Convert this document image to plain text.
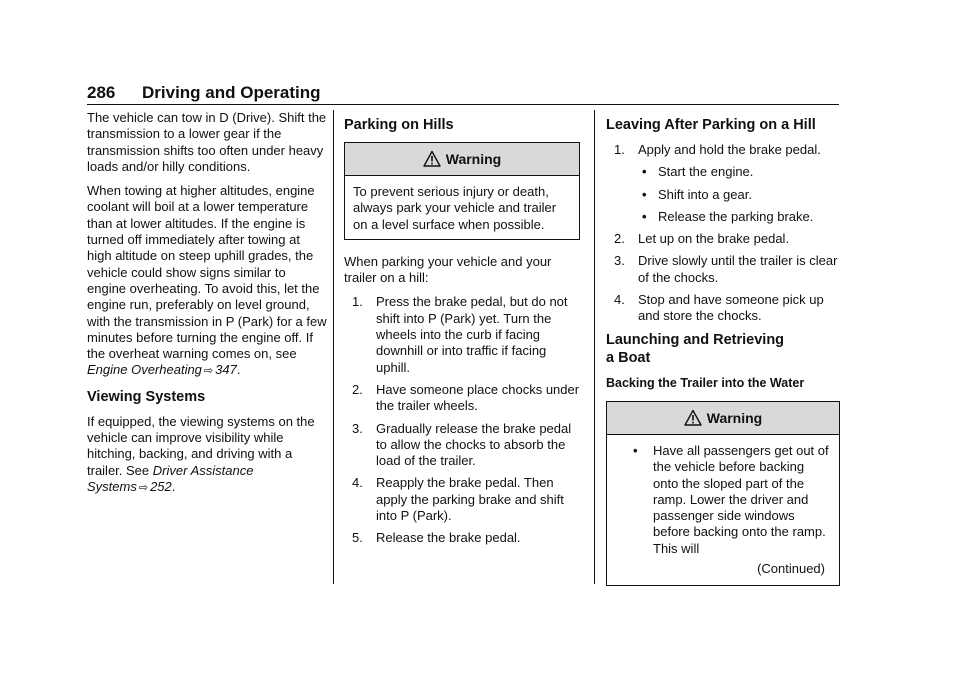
286 Driving and Operating

The vehicle can tow in D (Drive). Shift the transmission to a lower gear if the transmission shifts too often under heavy loads and/or hilly conditions.

When towing at higher altitudes, engine coolant will boil at a lower temperature than at lower altitudes. If the engine is turned off immediately after towing at high altitude on steep uphill grades, the vehicle could show signs similar to engine overheating. To avoid this, let the engine run, preferably on level ground, with the transmission in P (Park) for a few minutes before turning the engine off. If the overheat warning comes on, see Engine Overheating ⇨ 347.

Viewing Systems

If equipped, the viewing systems on the vehicle can improve visibility while hitching, backing, and driving with a trailer. See Driver Assistance Systems ⇨ 252.

Parking on Hills
Warning
To prevent serious injury or death, always park your vehicle and trailer on a level surface when possible.

When parking your vehicle and your trailer on a hill:

1. Press the brake pedal, but do not shift into P (Park) yet. Turn the wheels into the curb if facing downhill or into traffic if facing uphill.
2. Have someone place chocks under the trailer wheels.
3. Gradually release the brake pedal to allow the chocks to absorb the load of the trailer.
4. Reapply the brake pedal. Then apply the parking brake and shift into P (Park).
5. Release the brake pedal.
Leaving After Parking on a Hill
1. Apply and hold the brake pedal.
• Start the engine.
• Shift into a gear.
• Release the parking brake.
2. Let up on the brake pedal.
3. Drive slowly until the trailer is clear of the chocks.
4. Stop and have someone pick up and store the chocks.
Launching and Retrieving
a Boat
Backing the Trailer into the Water
Warning
• Have all passengers get out of the vehicle before backing onto the sloped part of the ramp. Lower the driver and passenger side windows before backing onto the ramp. This will
(Continued)
